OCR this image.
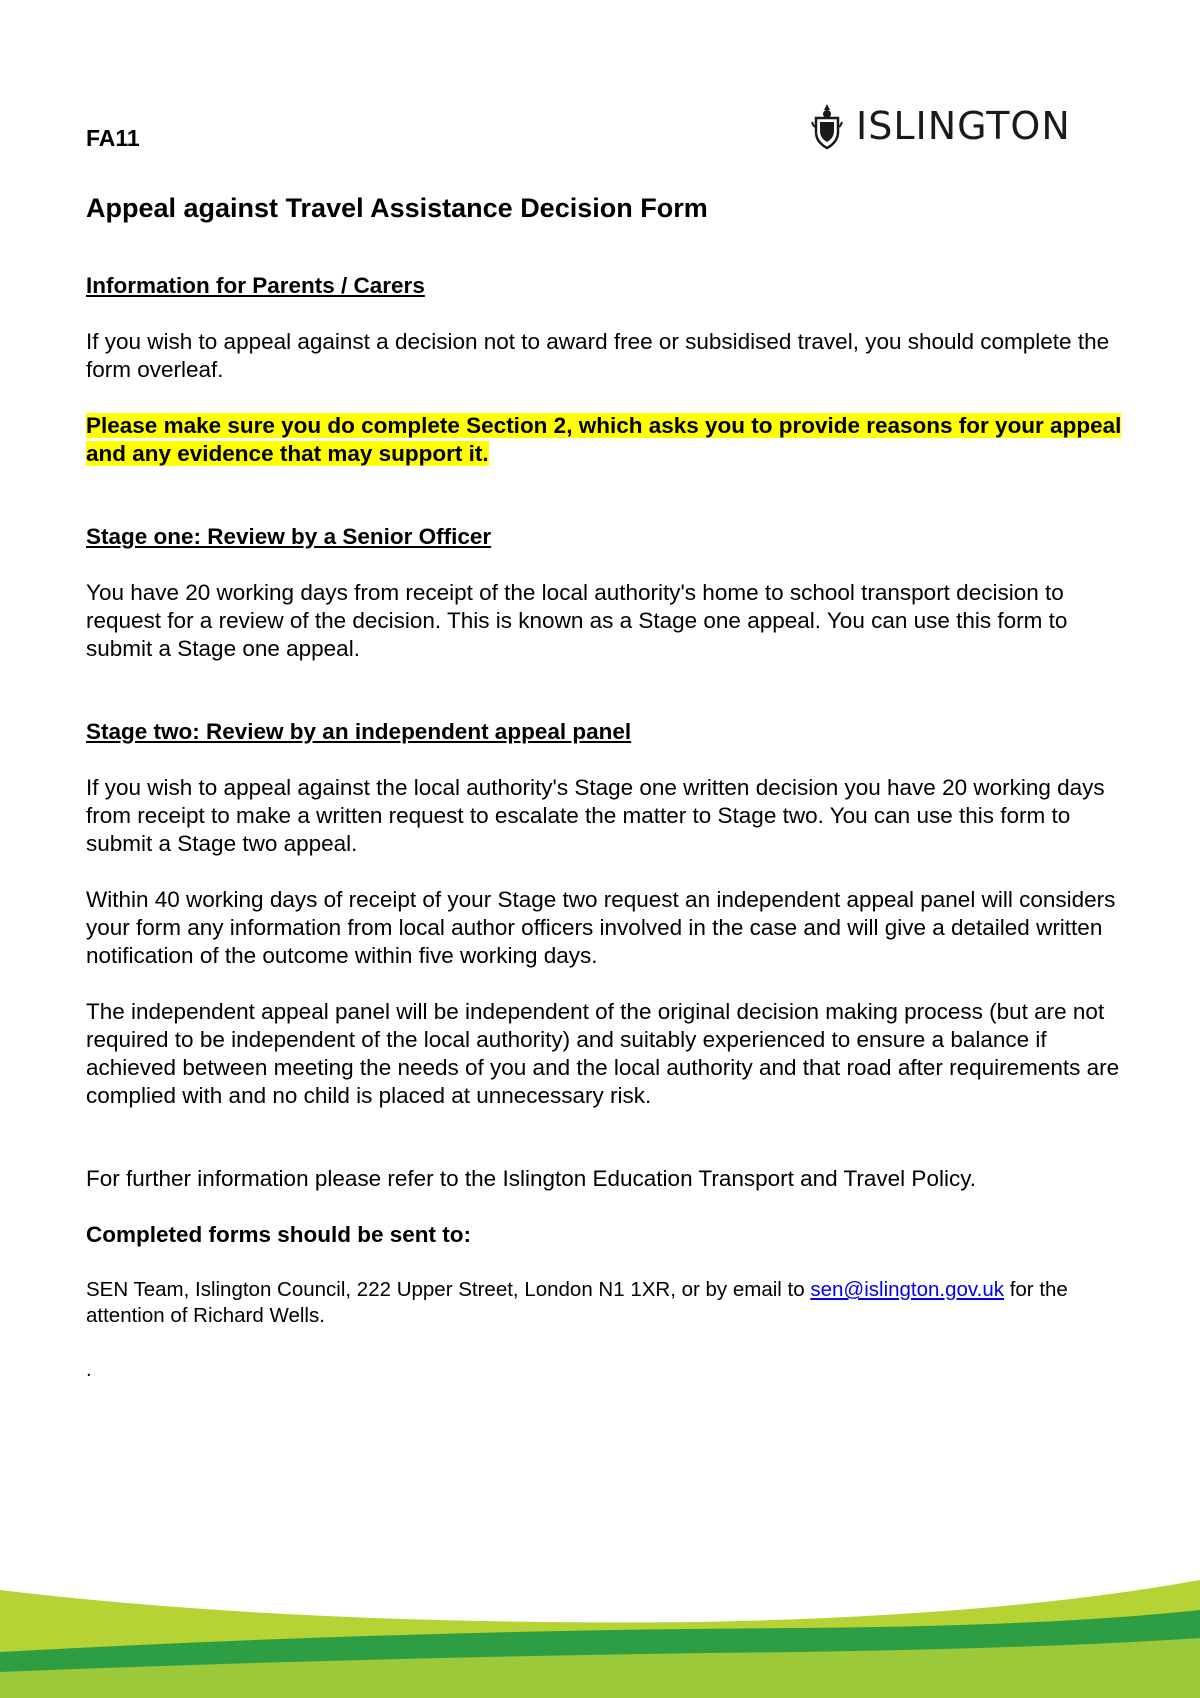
ISLINGTON

FA11

Appeal against Travel Assistance Decision Form

Information for Parents / Carers

If you wish to appeal against a decision not to award free or subsidised travel, you should complete the form overleaf.

Please make sure you do complete Section 2, which asks you to provide reasons for your appeal and any evidence that may support it.

Stage one: Review by a Senior Officer

You have 20 working days from receipt of the local authority's home to school transport decision to request for a review of the decision. This is known as a Stage one appeal. You can use this form to submit a Stage one appeal.

Stage two: Review by an independent appeal panel

If you wish to appeal against the local authority's Stage one written decision you have 20 working days from receipt to make a written request to escalate the matter to Stage two. You can use this form to submit a Stage two appeal.

Within 40 working days of receipt of your Stage two request an independent appeal panel will considers your form any information from local author officers involved in the case and will give a detailed written notification of the outcome within five working days.

The independent appeal panel will be independent of the original decision making process (but are not required to be independent of the local authority) and suitably experienced to ensure a balance if achieved between meeting the needs of you and the local authority and that road after requirements are complied with and no child is placed at unnecessary risk.

For further information please refer to the Islington Education Transport and Travel Policy.

Completed forms should be sent to:

SEN Team, Islington Council, 222 Upper Street, London N1 1XR, or by email to sen@islington.gov.uk for the attention of Richard Wells.

.
